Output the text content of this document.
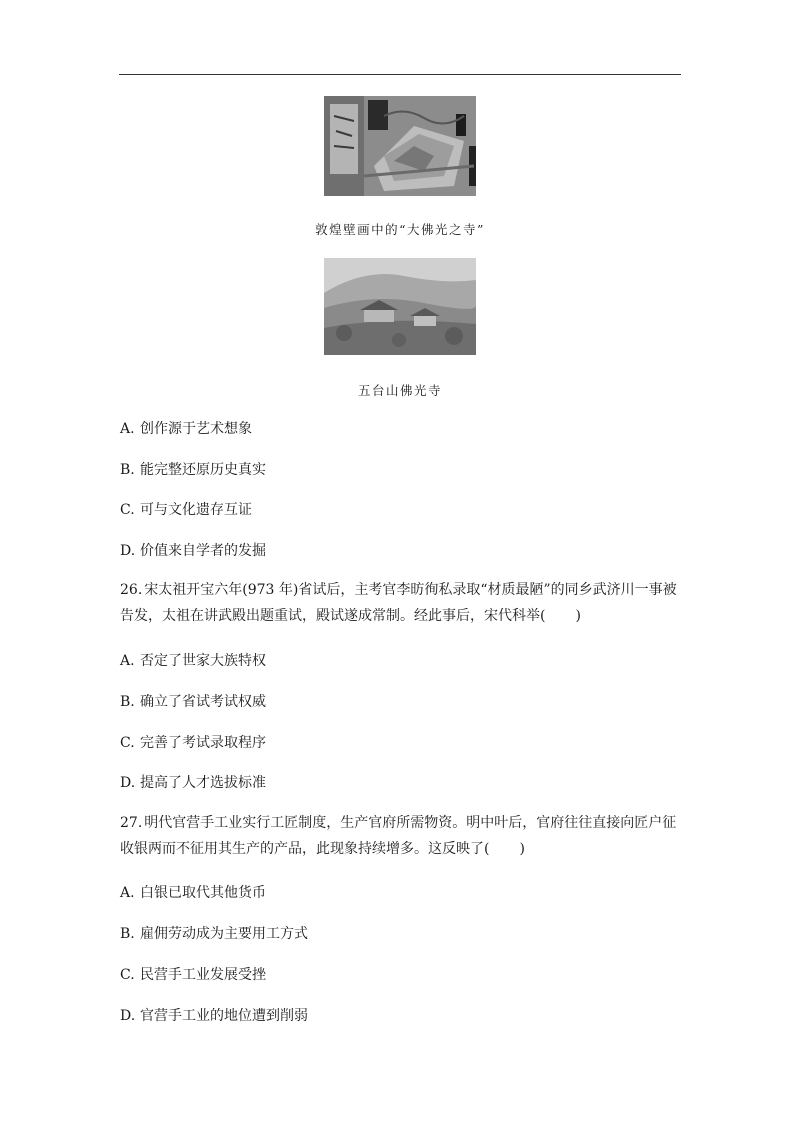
敦煌壁画中的“大佛光之寺”
五台山佛光寺
A. 创作源于艺术想象
B. 能完整还原历史真实
C. 可与文化遗存互证
D. 价值来自学者的发掘
26. 宋太祖开宝六年(973 年)省试后，主考官李昉徇私录取“材质最陋”的同乡武济川一事被告发，太祖在讲武殿出题重试，殿试遂成常制。经此事后，宋代科举( )
A. 否定了世家大族特权
B. 确立了省试考试权威
C. 完善了考试录取程序
D. 提高了人才选拔标准
27. 明代官营手工业实行工匠制度，生产官府所需物资。明中叶后，官府往往直接向匠户征收银两而不征用其生产的产品，此现象持续增多。这反映了( )
A. 白银已取代其他货币
B. 雇佣劳动成为主要用工方式
C. 民营手工业发展受挫
D. 官营手工业的地位遭到削弱
